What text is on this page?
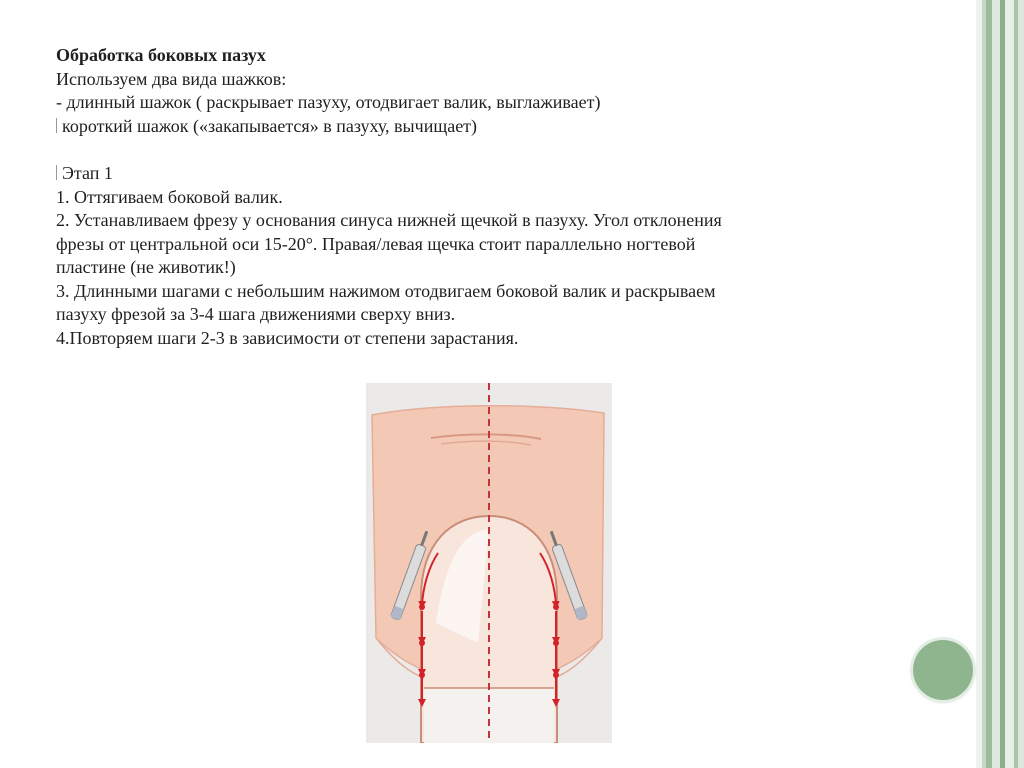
Обработка боковых пазух
Используем два вида шажков:
- длинный шажок ( раскрывает пазуху, отодвигает валик, выглаживает)
короткий шажок («закапывается» в пазуху, вычищает)
Этап 1
1. Оттягиваем боковой валик.
2. Устанавливаем фрезу у основания синуса нижней щечкой в пазуху. Угол отклонения
фрезы от центральной оси 15-20°. Правая/левая щечка стоит параллельно ногтевой
пластине (не животик!)
3. Длинными шагами с небольшим нажимом отодвигаем боковой валик и раскрываем
пазуху фрезой за 3-4 шага движениями сверху вниз.
4.Повторяем шаги 2-3 в зависимости от степени зарастания.
